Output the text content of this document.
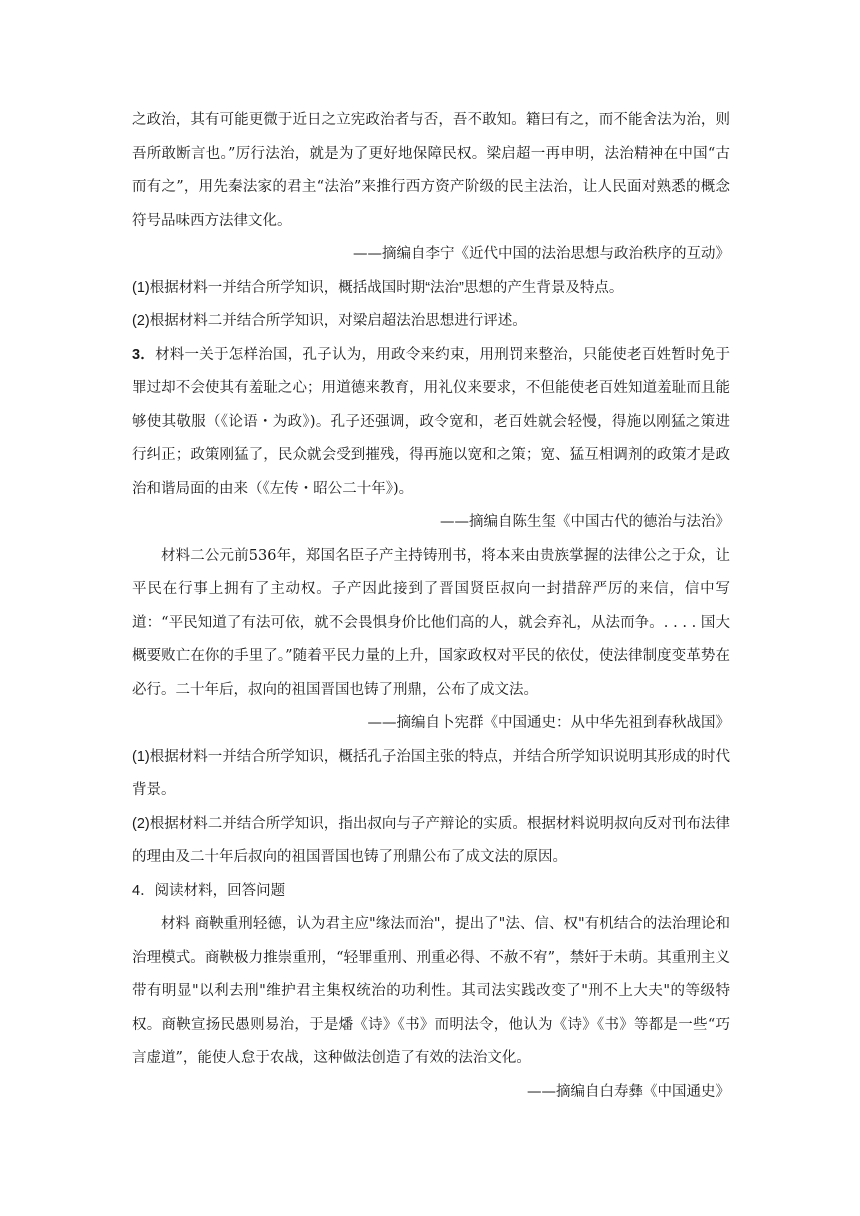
之政治，其有可能更微于近日之立宪政治者与否，吾不敢知。籍曰有之，而不能舍法为治，则吾所敢断言也。”厉行法治，就是为了更好地保障民权。梁启超一再申明，法治精神在中国“古而有之”，用先秦法家的君主“法治”来推行西方资产阶级的民主法治，让人民面对熟悉的概念符号品味西方法律文化。

——摘编自李宁《近代中国的法治思想与政治秩序的互动》

(1)根据材料一并结合所学知识，概括战国时期“法治”思想的产生背景及特点。

(2)根据材料二并结合所学知识，对梁启超法治思想进行评述。

3．材料一关于怎样治国，孔子认为，用政令来约束，用刑罚来整治，只能使老百姓暂时免于罪过却不会使其有羞耻之心；用道德来教育，用礼仪来要求，不但能使老百姓知道羞耻而且能够使其敬服（《论语・为政》)。孔子还强调，政令宽和，老百姓就会轻慢，得施以刚猛之策进行纠正；政策刚猛了，民众就会受到摧残，得再施以宽和之策；宽、猛互相调剂的政策才是政治和谐局面的由来（《左传・昭公二十年》)。

——摘编自陈生玺《中国古代的德治与法治》

材料二公元前536年，郑国名臣子产主持铸刑书，将本来由贵族掌握的法律公之于众，让平民在行事上拥有了主动权。子产因此接到了晋国贤臣叔向一封措辞严厉的来信，信中写道：“平民知道了有法可依，就不会畏惧身价比他们高的人，就会弃礼，从法而争。. . . . 国大概要败亡在你的手里了。”随着平民力量的上升，国家政权对平民的依仗，使法律制度变革势在必行。二十年后，叔向的祖国晋国也铸了刑鼎，公布了成文法。

——摘编自卜宪群《中国通史：从中华先祖到春秋战国》

(1)根据材料一并结合所学知识，概括孔子治国主张的特点，并结合所学知识说明其形成的时代背景。

(2)根据材料二并结合所学知识，指出叔向与子产辩论的实质。根据材料说明叔向反对刊布法律的理由及二十年后叔向的祖国晋国也铸了刑鼎公布了成文法的原因。

4．阅读材料，回答问题

材料 商鞅重刑轻德，认为君主应"缘法而治"，提出了"法、信、权"有机结合的法治理论和治理模式。商鞅极力推崇重刑，“轻罪重刑、刑重必得、不赦不宥”，禁奸于未萌。其重刑主义带有明显"以利去刑"维护君主集权统治的功利性。其司法实践改变了"刑不上大夫"的等级特权。商鞅宣扬民愚则易治，于是燔《诗》《书》而明法令，他认为《诗》《书》等都是一些“巧言虚道”，能使人怠于农战，这种做法创造了有效的法治文化。

——摘编自白寿彝《中国通史》
